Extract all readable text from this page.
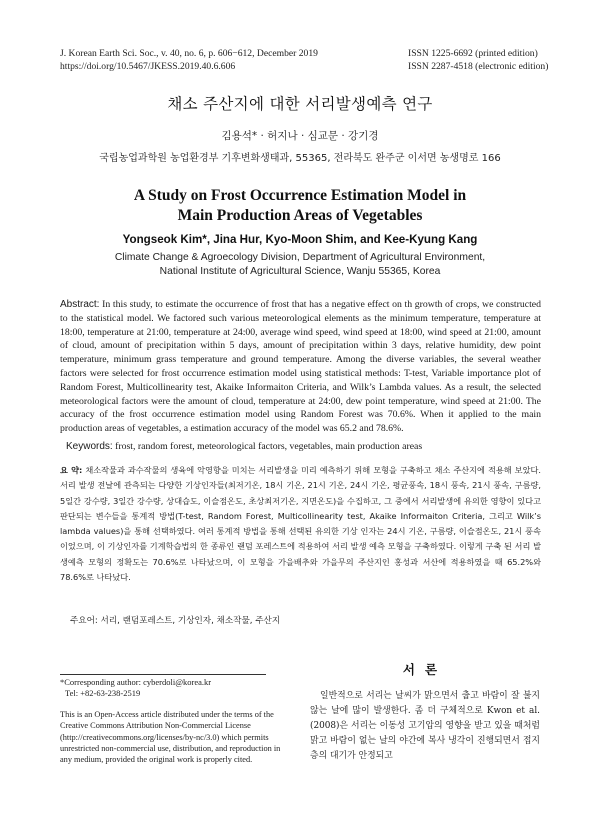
J. Korean Earth Sci. Soc., v. 40, no. 6, p. 606−612, December 2019
https://doi.org/10.5467/JKESS.2019.40.6.606
ISSN 1225-6692 (printed edition)
ISSN 2287-4518 (electronic edition)
채소 주산지에 대한 서리발생예측 연구
김용석* · 허지나 · 심교문 · 강기경
국립농업과학원 농업환경부 기후변화생태과, 55365, 전라북도 완주군 이서면 농생명로 166
A Study on Frost Occurrence Estimation Model in
Main Production Areas of Vegetables
Yongseok Kim*, Jina Hur, Kyo-Moon Shim, and Kee-Kyung Kang
Climate Change & Agroecology Division, Department of Agricultural Environment,
National Institute of Agricultural Science, Wanju 55365, Korea
Abstract: In this study, to estimate the occurrence of frost that has a negative effect on th growth of crops, we constructed to the statistical model. We factored such various meteorological elements as the minimum temperature, temperature at 18:00, temperature at 21:00, temperature at 24:00, average wind speed, wind speed at 18:00, wind speed at 21:00, amount of cloud, amount of precipitation within 5 days, amount of precipitation within 3 days, relative humidity, dew point temperature, minimum grass temperature and ground temperature. Among the diverse variables, the several weather factors were selected for frost occurrence estimation model using statistical methods: T-test, Variable importance plot of Random Forest, Multicollinearity test, Akaike Informaiton Criteria, and Wilk’s Lambda values. As a result, the selected meteorological factors were the amount of cloud, temperature at 24:00, dew point temperature, wind speed at 21:00. The accuracy of the frost occurrence estimation model using Random Forest was 70.6%. When it applied to the main production areas of vegetables, a estimation accuracy of the model was 65.2 and 78.6%.
Keywords: frost, random forest, meteorological factors, vegetables, main production areas
요 약: 채소작물과 과수작물의 생육에 악영향을 미치는 서리발생을 미리 예측하기 위해 모형을 구축하고 채소 주산지에 적용해 보았다. 서리 발생 전날에 관측되는 다양한 기상인자들(최저기온, 18시 기온, 21시 기온, 24시 기온, 평균풍속, 18시 풍속, 21시 풍속, 구름량, 5일간 강수량, 3일간 강수량, 상대습도, 이슬점온도, 초상최저기온, 지면온도)을 수집하고, 그 중에서 서리발생에 유의한 영향이 있다고 판단되는 변수들을 통계적 방법(T-test, Random Forest, Multicollinearity test, Akaike Informaiton Criteria, 그리고 Wilk’s lambda values)을 통해 선택하였다. 여러 통계적 방법을 통해 선택된 유의한 기상 인자는 24시 기온, 구름량, 이슬점온도, 21시 풍속 이었으며, 이 기상인자를 기계학습법의 한 종류인 랜덤 포레스트에 적용하여 서리 발생 예측 모형을 구축하였다. 이렇게 구축 된 서리 발생예측 모형의 정확도는 70.6%로 나타났으며, 이 모형을 가을배추와 가을무의 주산지인 홍성과 서산에 적용하였을 때 65.2%와 78.6%로 나타났다.
주요어: 서리, 랜덤포레스트, 기상인자, 채소작물, 주산지
*Corresponding author: cyberdoli@korea.kr
Tel: +82-63-238-2519
This is an Open-Access article distributed under the terms of the Creative Commons Attribution Non-Commercial License (http://creativecommons.org/licenses/by-nc/3.0) which permits unrestricted non-commercial use, distribution, and reproduction in any medium, provided the original work is properly cited.
서론
일반적으로 서리는 날씨가 맑으면서 춥고 바람이 잘 불지 않는 날에 많이 발생한다. 좀 더 구체적으로 Kwon et al. (2008)은 서리는 이동성 고기압의 영향을 받고 있을 때처럼 맑고 바람이 없는 날의 야간에 복사 냉각이 진행되면서 접지층의 대기가 안정되고
